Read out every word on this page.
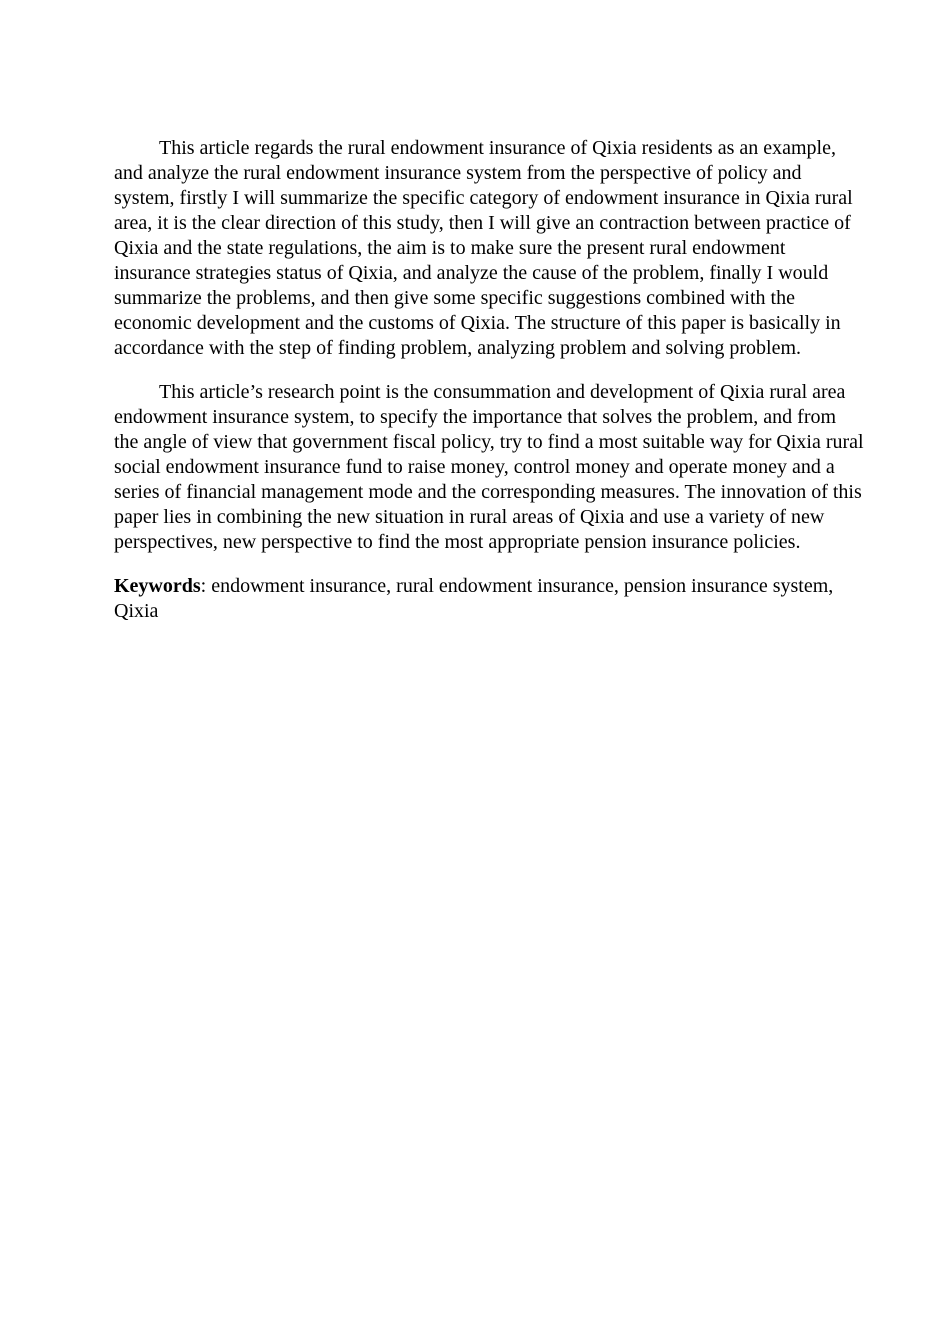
This article regards the rural endowment insurance of Qixia residents as an example, and analyze the rural endowment insurance system from the perspective of policy and system, firstly I will summarize the specific category of endowment insurance in Qixia rural area, it is the clear direction of this study, then I will give an contraction between practice of Qixia and the state regulations, the aim is to make sure the present rural endowment insurance strategies status of Qixia, and analyze the cause of the problem, finally I would summarize the problems, and then give some specific suggestions combined with the economic development and the customs of Qixia. The structure of this paper is basically in accordance with the step of finding problem, analyzing problem and solving problem.

This article’s research point is the consummation and development of Qixia rural area endowment insurance system, to specify the importance that solves the problem, and from the angle of view that government fiscal policy, try to find a most suitable way for Qixia rural social endowment insurance fund to raise money, control money and operate money and a series of financial management mode and the corresponding measures. The innovation of this paper lies in combining the new situation in rural areas of Qixia and use a variety of new perspectives, new perspective to find the most appropriate pension insurance policies.

Keywords: endowment insurance, rural endowment insurance, pension insurance system, Qixia
